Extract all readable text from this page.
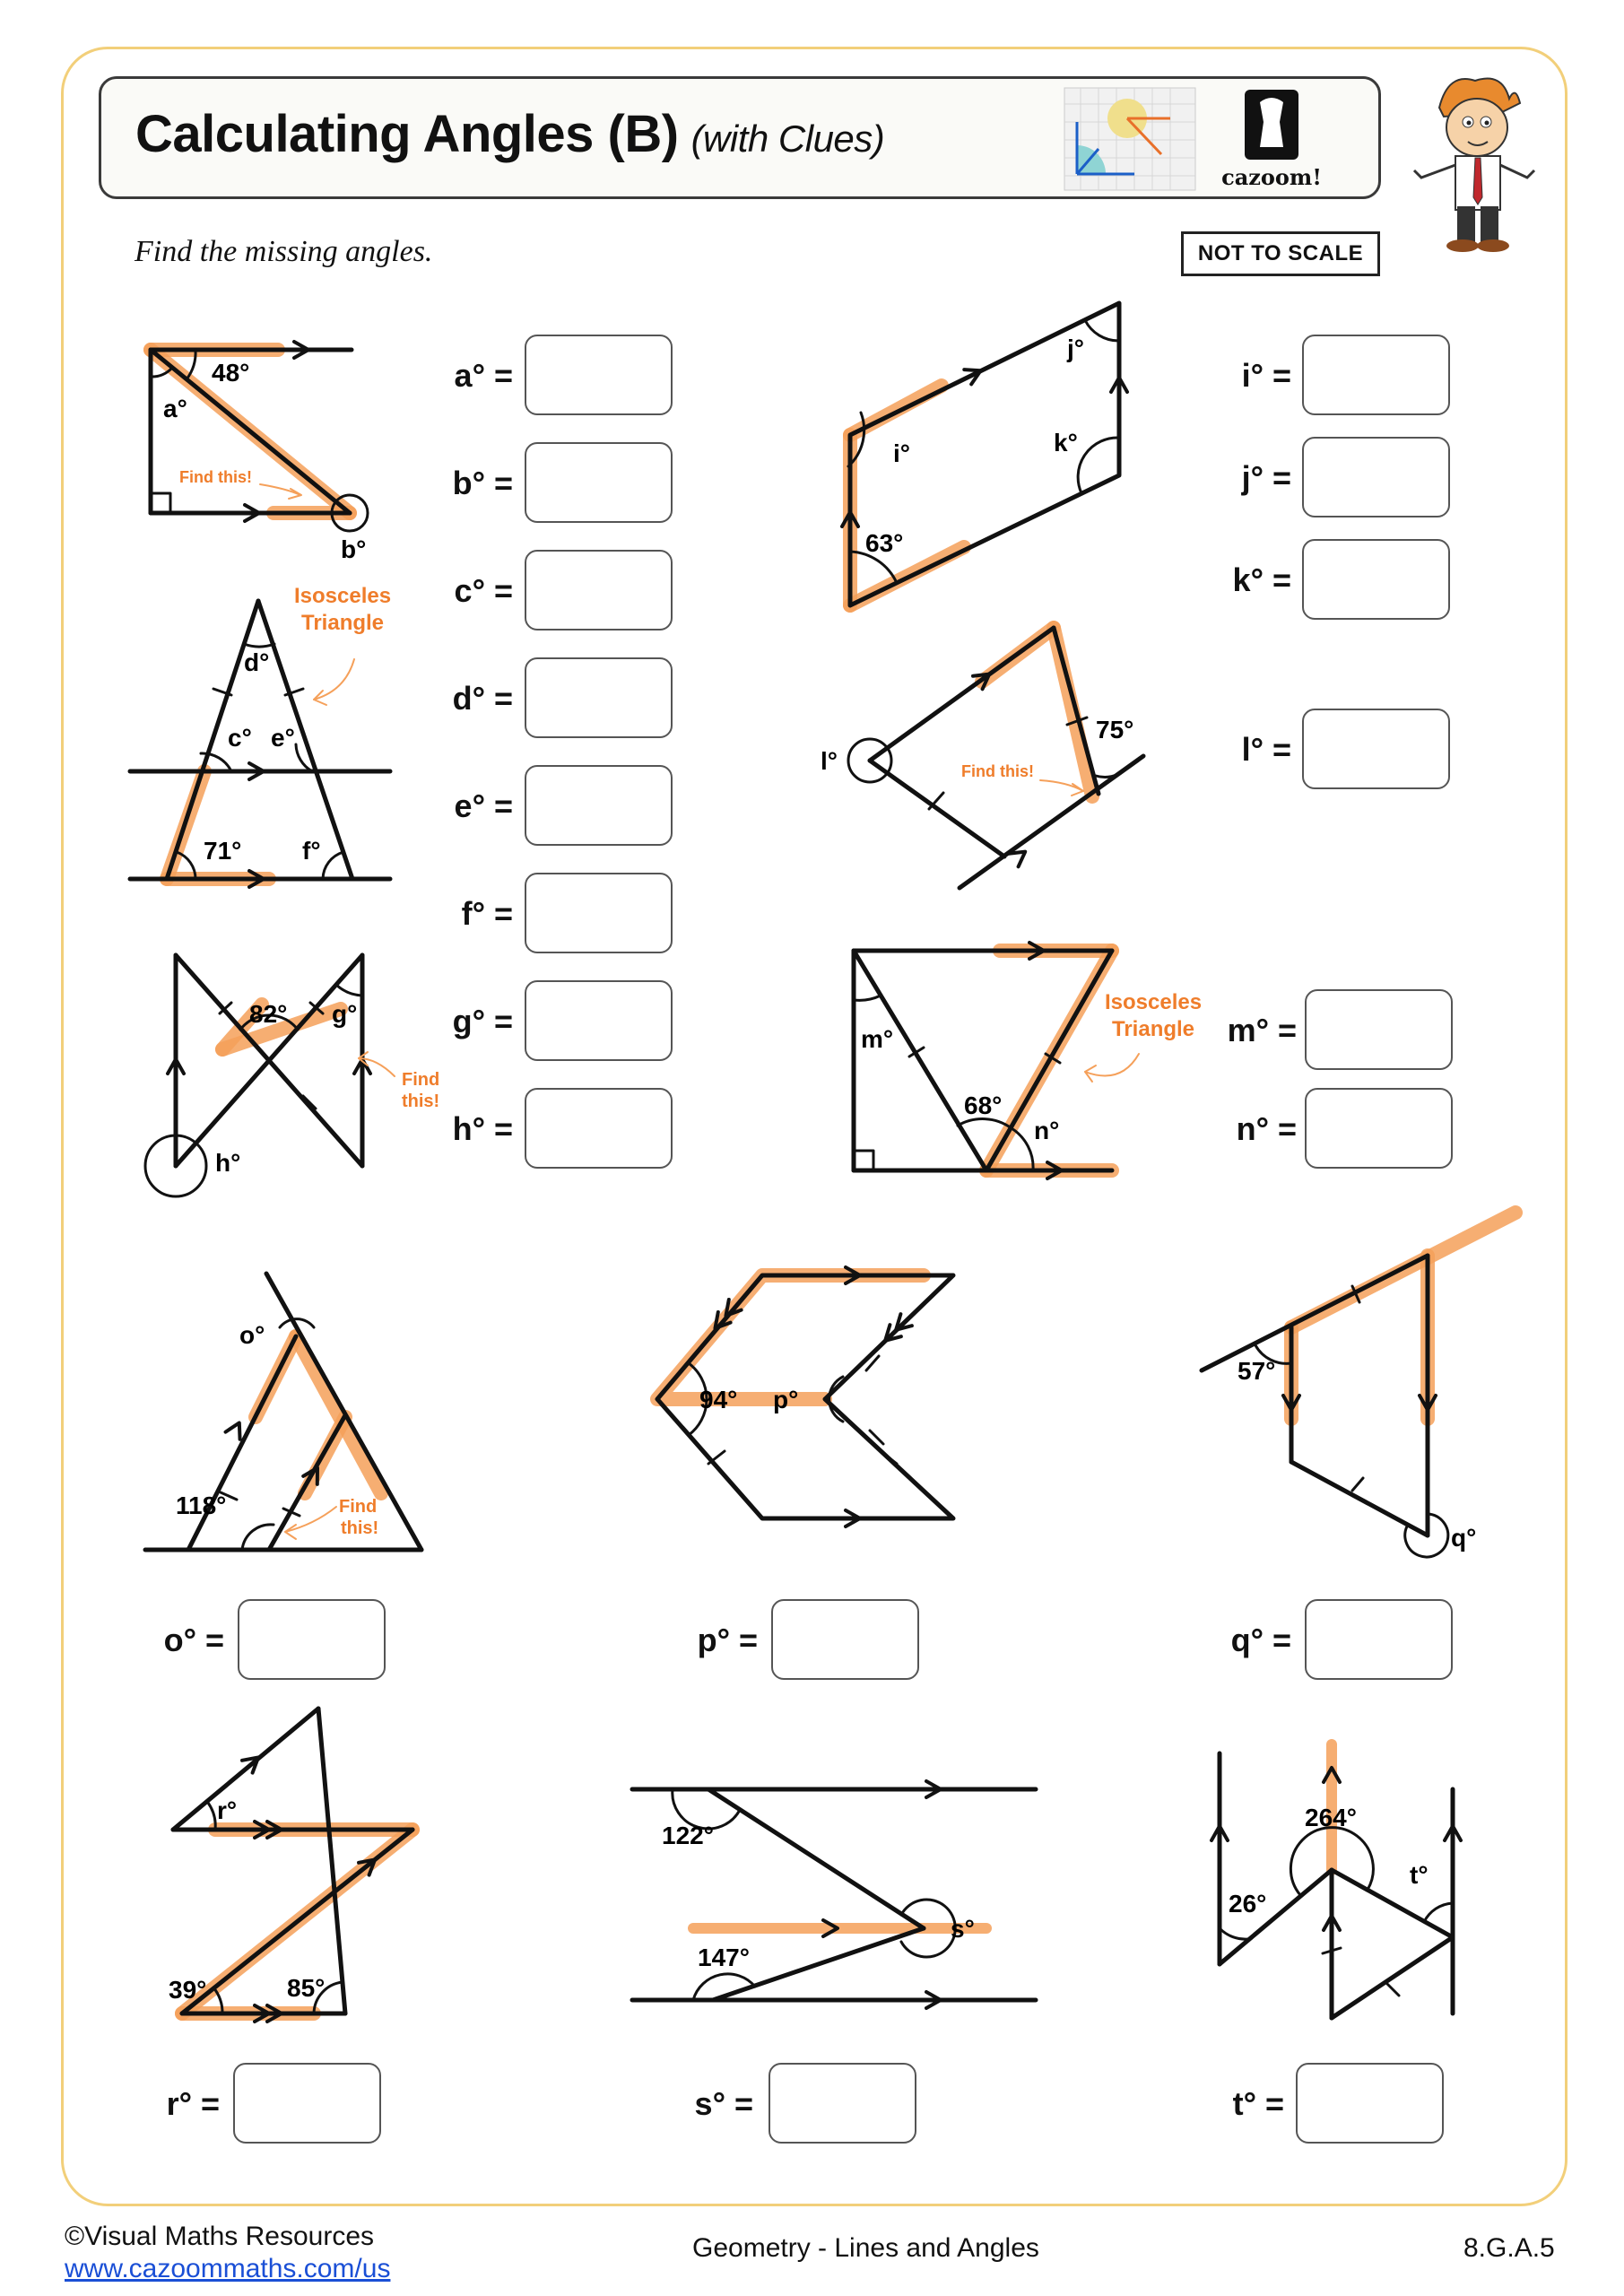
Calculating Angles (B) (with Clues)
cazoom!
Find the missing angles.	NOT TO SCALE
48°
a°
b°
Find this!
Isosceles
Triangle
d°
c° e°
71° f°
82° g°
h°
Find
this!
j°
i°	k°
63°
l°
75°
Find this!
Isosceles
Triangle
m°
68°
n°
o°
118°	Find
this!
94° p°
57°
q°
r°
39°	85°
122°
147°
s°
t°
26°
264°
a° =
b° =
c° =
d° =
e° =
f° =
g° =
h° =
i° =
j° =
k° =
l° =
m° =
n° =
o° =	p° =	q° =
r° =	s° =	t° =
©Visual Maths Resources
www.cazoommaths.com/us
Geometry - Lines and Angles	8.G.A.5
